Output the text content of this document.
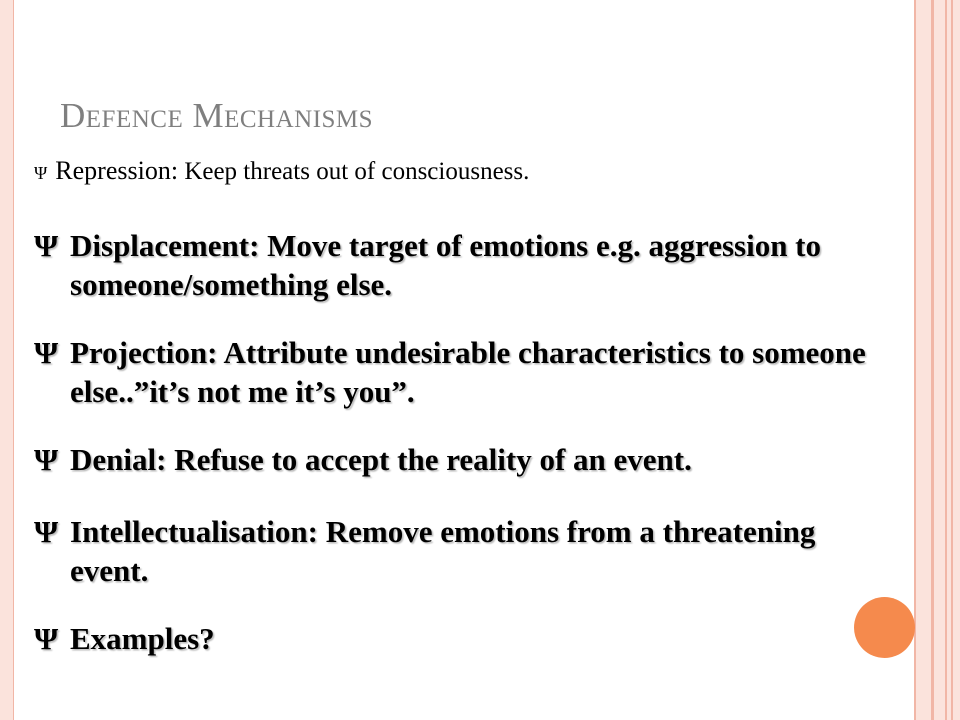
Defence Mechanisms
Ψ Repression: Keep threats out of consciousness.
Ψ Displacement: Move target of emotions e.g. aggression to someone/something else.
Ψ Projection: Attribute undesirable characteristics to someone else..”it’s not me it’s you”.
Ψ Denial: Refuse to accept the reality of an event.
Ψ Intellectualisation: Remove emotions from a threatening event.
Ψ Examples?
